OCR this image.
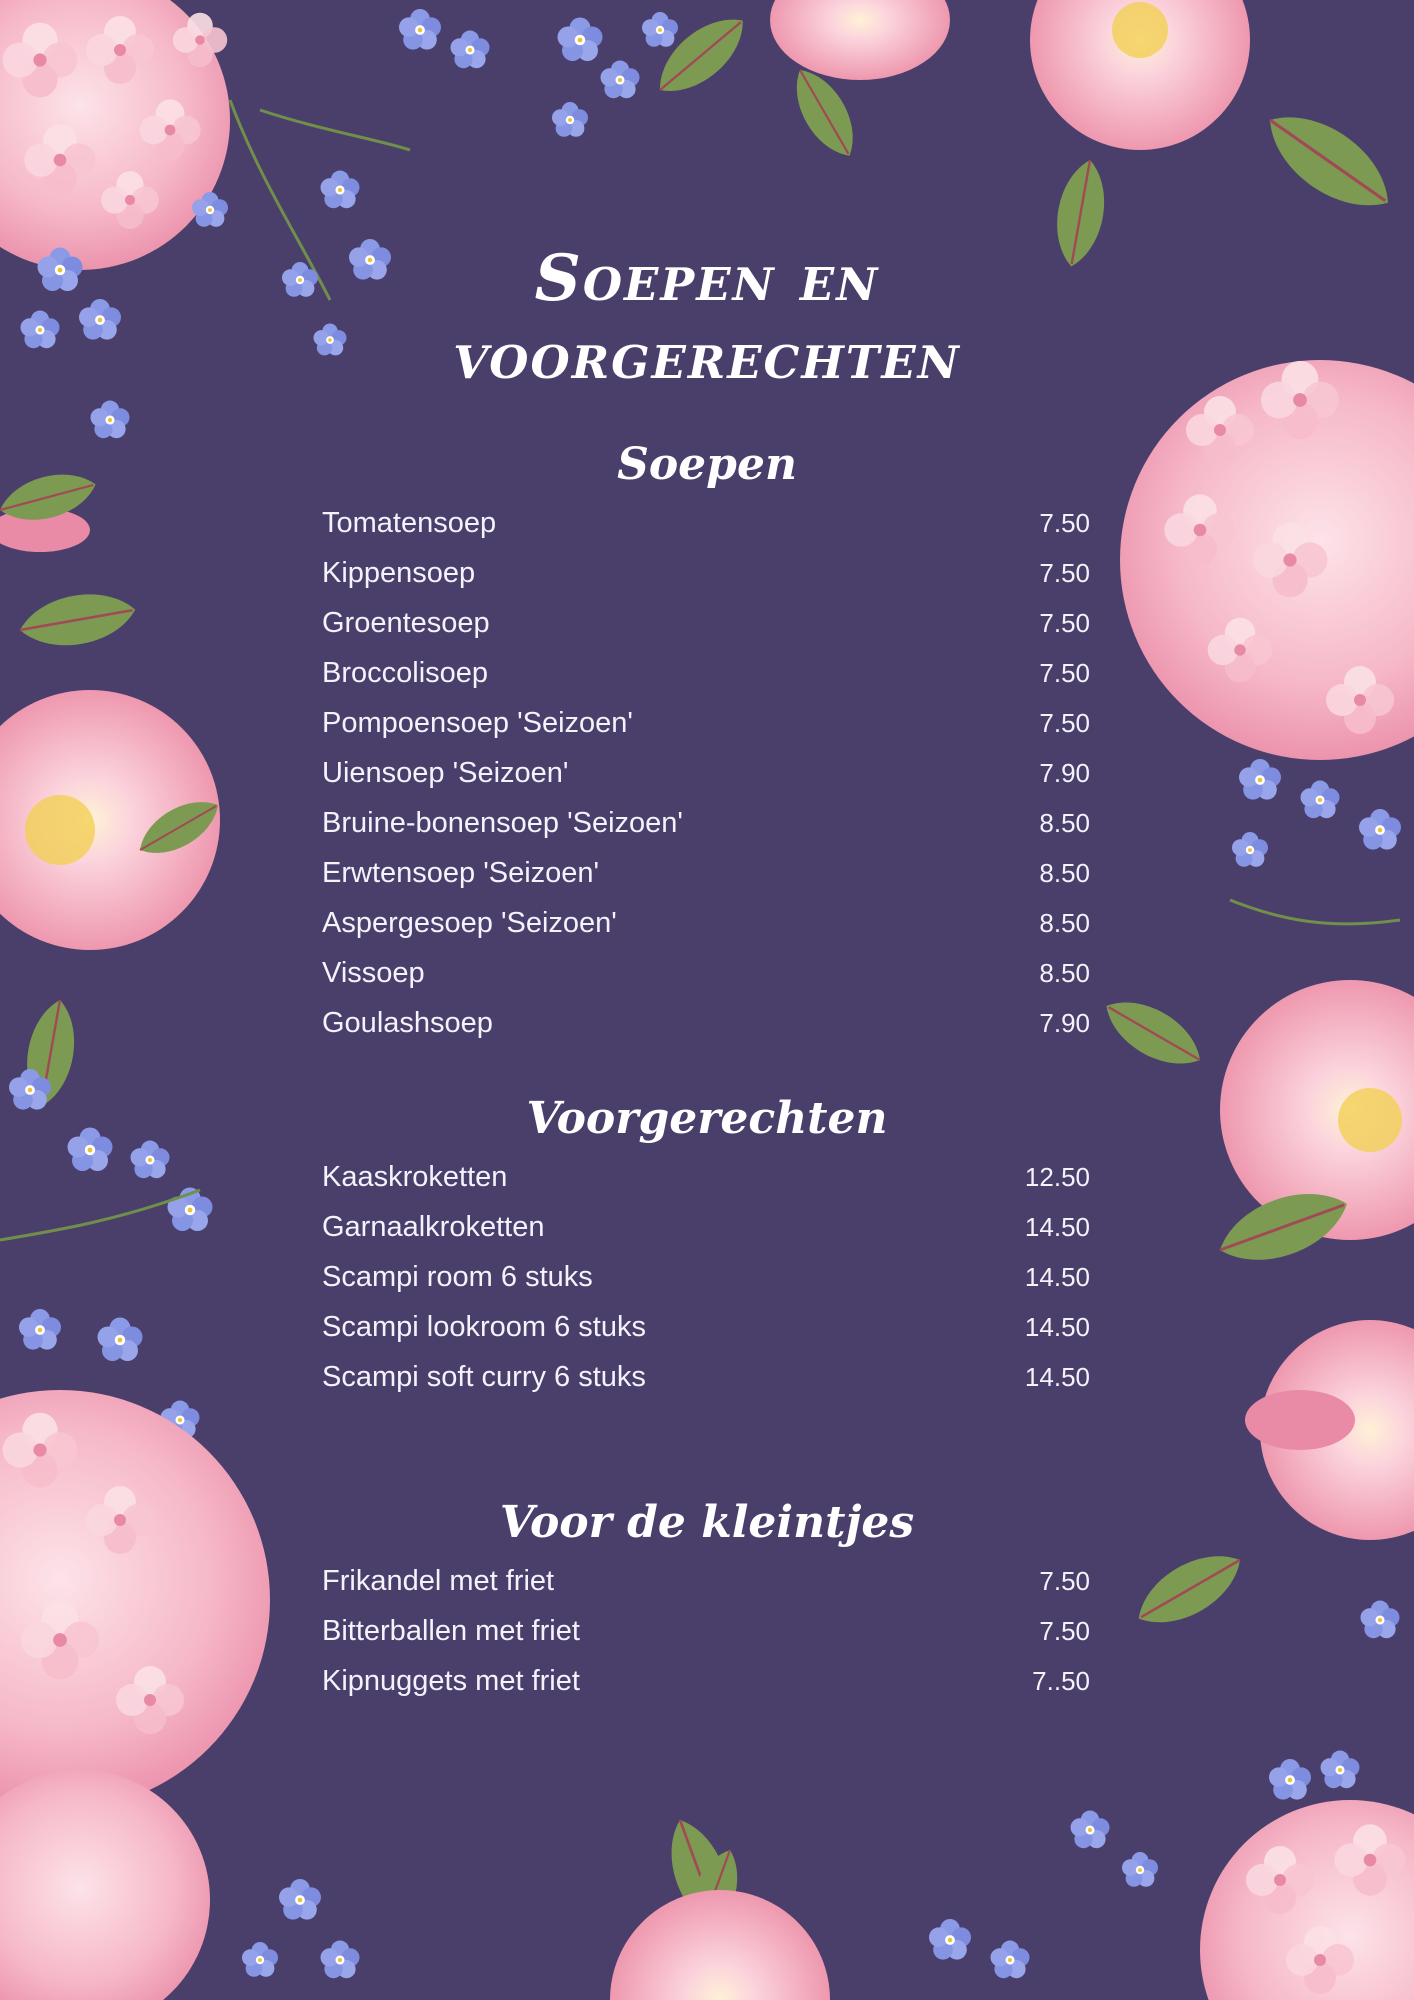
Soepen en
voorgerechten
Soepen
Tomatensoep	7.50
Kippensoep	7.50
Groentesoep	7.50
Broccolisoep	7.50
Pompoensoep 'Seizoen'	7.50
Uiensoep 'Seizoen'	7.90
Bruine-bonensoep 'Seizoen'	8.50
Erwtensoep 'Seizoen'	8.50
Aspergesoep 'Seizoen'	8.50
Vissoep	8.50
Goulashsoep	7.90
Voorgerechten
Kaaskroketten	12.50
Garnaalkroketten	14.50
Scampi room 6 stuks	14.50
Scampi lookroom 6 stuks	14.50
Scampi soft curry 6 stuks	14.50
Voor de kleintjes
Frikandel met friet	7.50
Bitterballen met friet	7.50
Kipnuggets met friet	7..50
